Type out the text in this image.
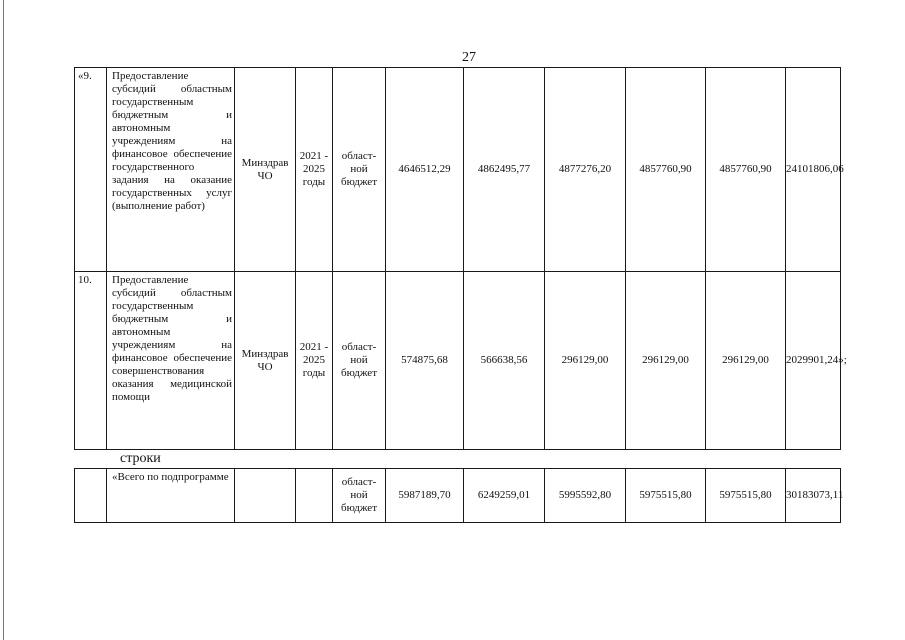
27
«9.	Предоставление субсидий областным государственным бюджетным и автономным учреждениям на финансовое обеспечение государственного задания на оказание государственных услуг (выполнение работ)	Минздрав ЧО	2021 - 2025 годы	област- ной бюджет	4646512,29	4862495,77	4877276,20	4857760,90	4857760,90	24101806,06
10.	Предоставление субсидий областным государственным бюджетным и автономным учреждениям на финансовое обеспечение совершенствования оказания медицинской помощи	Минздрав ЧО	2021 - 2025 годы	област- ной бюджет	574875,68	566638,56	296129,00	296129,00	296129,00	2029901,24»;
строки
	«Всего по подпрограмме			област- ной бюджет	5987189,70	6249259,01	5995592,80	5975515,80	5975515,80	30183073,11
